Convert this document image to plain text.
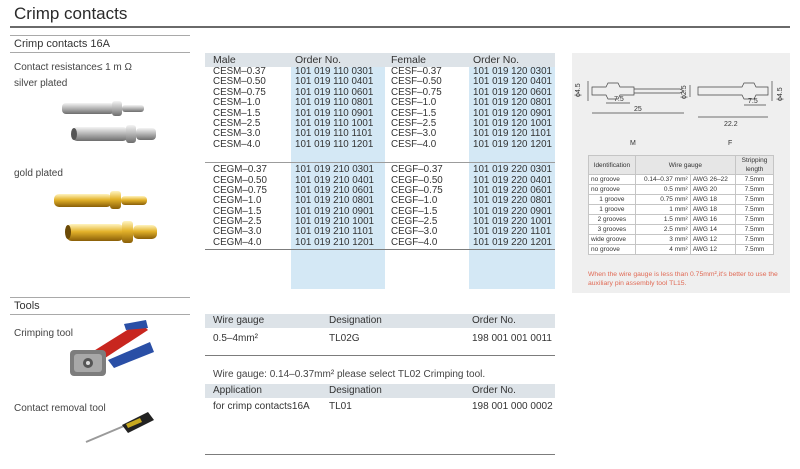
Crimp contacts
Crimp contacts 16A
Contact resistance≤ 1 m Ω
silver plated
gold plated
Male	Order No.	Female	Order No.
CESM–0.37	101 019 110 0301 CESF–0.37	101 019 120 0301
CESM–0.50	101 019 110 0401 CESF–0.50	101 019 120 0401
CESM–0.75	101 019 110 0601 CESF–0.75	101 019 120 0601
CESM–1.0	101 019 110 0801 CESF–1.0	101 019 120 0801
CESM–1.5	101 019 110 0901 CESF–1.5	101 019 120 0901
CESM–2.5	101 019 110 1001 CESF–2.5	101 019 120 1001
CESM–3.0	101 019 110 1101 CESF–3.0	101 019 120 1101
CESM–4.0	101 019 110 1201 CESF–4.0	101 019 120 1201
CEGM–0.37	101 019 210 0301 CEGF–0.37	101 019 220 0301
CEGM–0.50	101 019 210 0401 CEGF–0.50	101 019 220 0401
CEGM–0.75	101 019 210 0601 CEGF–0.75	101 019 220 0601
CEGM–1.0	101 019 210 0801 CEGF–1.0	101 019 220 0801
CEGM–1.5	101 019 210 0901 CEGF–1.5	101 019 220 0901
CEGM–2.5	101 019 210 1001 CEGF–2.5	101 019 220 1001
CEGM–3.0	101 019 210 1101 CEGF–3.0	101 019 220 1101
CEGM–4.0	101 019 210 1201 CEGF–4.0	101 019 220 1201
ϕ4.5
7.5
25
ϕ2.5
22.2
7.5
ϕ4.5
M	F
Identification	Wire gauge		Stripping length
no groove	0.14–0.37 mm²	AWG 26–22	7.5mm
no groove	0.5 mm²	AWG 20	7.5mm
1 groove	0.75 mm²	AWG 18	7.5mm
1 groove	1 mm²	AWG 18	7.5mm
2 grooves	1.5 mm²	AWG 16	7.5mm
3 grooves	2.5 mm²	AWG 14	7.5mm
wide groove	3 mm²	AWG 12	7.5mm
no groove	4 mm²	AWG 12	7.5mm
When the wire gauge is less than 0.75mm²,it's better to use the auxiliary pin assembly tool TL15.
Tools
Crimping tool
Contact removal tool
Wire gauge	Designation	Order No.
0.5–4mm²	TL02G	198 001 001 0011
Wire gauge: 0.14–0.37mm² please select TL02 Crimping tool.
Application	Designation	Order No.
for crimp contacts16A TL01	198 001 000 0002
